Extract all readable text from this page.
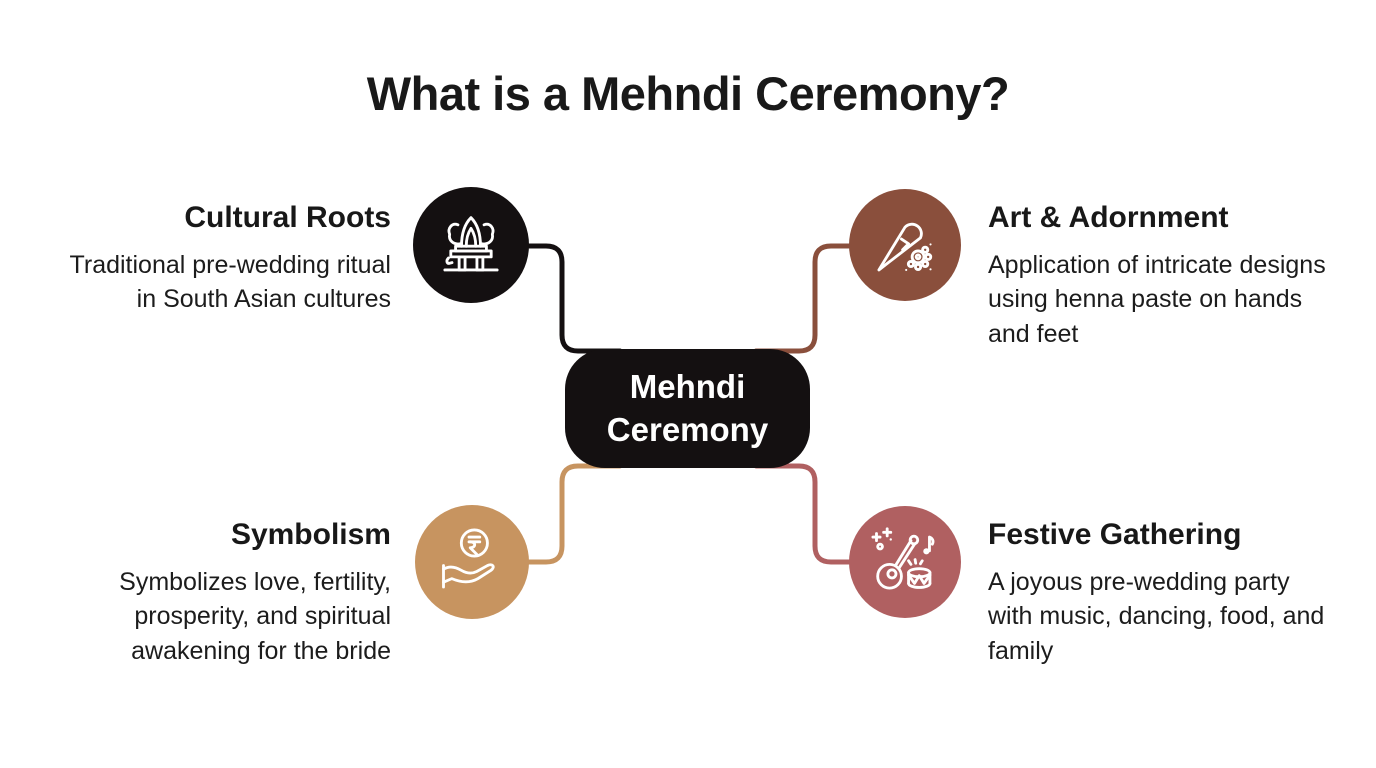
What is a Mehndi Ceremony?
Mehndi Ceremony

Cultural Roots

Traditional pre-wedding ritual in South Asian cultures

Art & Adornment

Application of intricate designs using henna paste on hands and feet

Symbolism

Symbolizes love, fertility, prosperity, and spiritual awakening for the bride

Festive Gathering

A joyous pre-wedding party with music, dancing, food, and family
